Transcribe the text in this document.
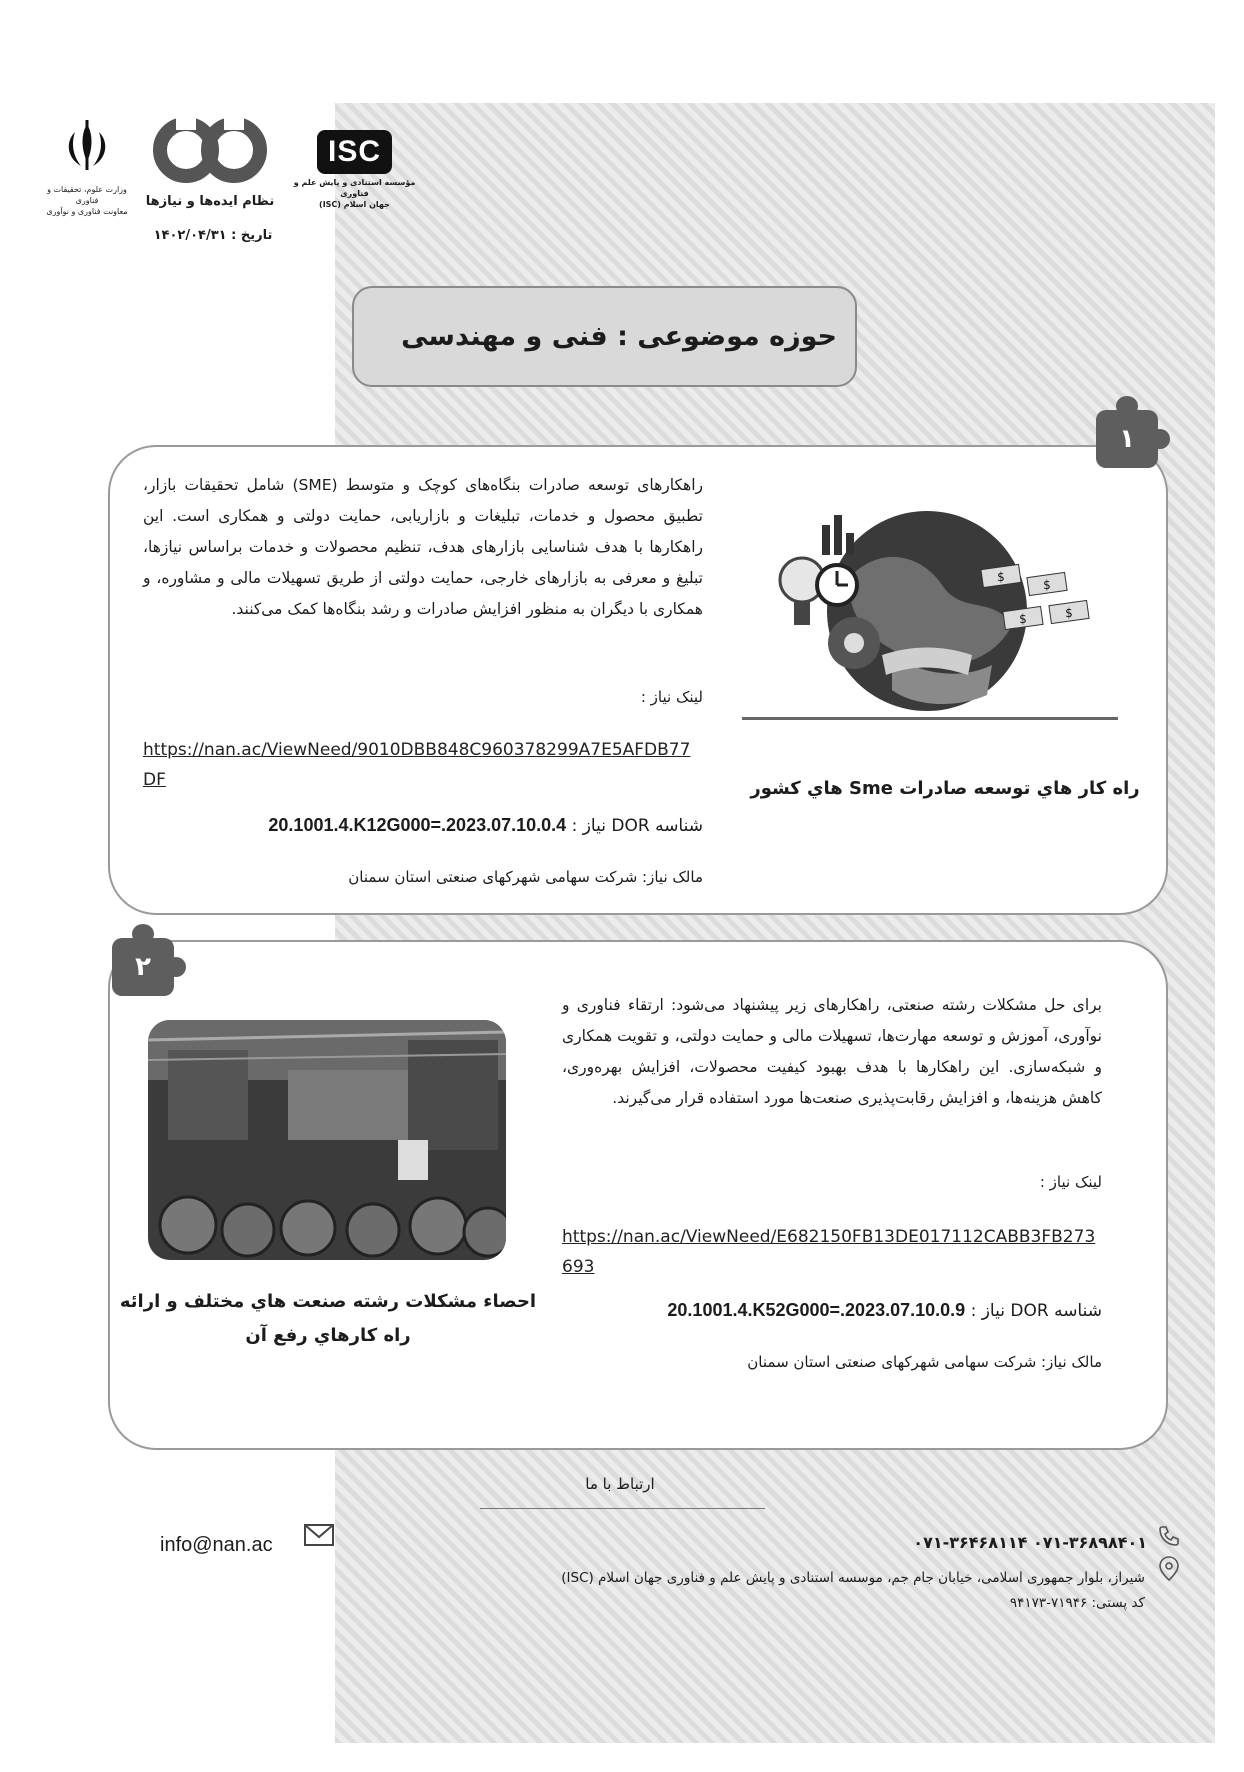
وزارت علوم، تحقیقات و فناوری
معاونت فناوری و نوآوری
نظام ایده‌ها و نیازها
ISC
مؤسسه استنادی و پایش علم و فناوری
جهان اسلام (ISC)
تاریخ : ۱۴۰۲/۰۴/۳۱
حوزه موضوعی : فنی و مهندسی
۱
$
$
$	$
راه کار هاي توسعه صادرات Sme هاي کشور
راهکارهای توسعه صادرات بنگاه‌های کوچک و متوسط (SME) شامل تحقیقات بازار، تطبیق محصول و خدمات، تبلیغات و بازاریابی، حمایت دولتی و همکاری است. این راهکارها با هدف شناسایی بازارهای هدف، تنظیم محصولات و خدمات براساس نیازها، تبلیغ و معرفی به بازارهای خارجی، حمایت دولتی از طریق تسهیلات مالی و مشاوره، و همکاری با دیگران به منظور افزایش صادرات و رشد بنگاه‌ها کمک می‌کنند.
لینک نیاز :
https://nan.ac/ViewNeed/9010DBB848C960378299A7E5AFDB77DF
شناسه DOR نیاز : 20.1001.4.K12G000=.2023.07.10.0.4
مالک نیاز: شرکت سهامی شهرکهای صنعتی استان سمنان
۲
احصاء مشکلات رشته صنعت هاي مختلف و ارائه راه کارهاي رفع آن
برای حل مشکلات رشته صنعتی، راهکارهای زیر پیشنهاد می‌شود: ارتقاء فناوری و نوآوری، آموزش و توسعه مهارت‌ها، تسهیلات مالی و حمایت دولتی، و تقویت همکاری و شبکه‌سازی. این راهکارها با هدف بهبود کیفیت محصولات، افزایش بهره‌وری، کاهش هزینه‌ها، و افزایش رقابت‌پذیری صنعت‌ها مورد استفاده قرار می‌گیرند.
لینک نیاز :
https://nan.ac/ViewNeed/E682150FB13DE017112CABB3FB273693
شناسه DOR نیاز : 20.1001.4.K52G000=.2023.07.10.0.9
مالک نیاز: شرکت سهامی شهرکهای صنعتی استان سمنان
ارتباط با ما
info@nan.ac	۰۷۱-۳۶۸۹۸۴۰۱ ۰۷۱-۳۶۴۶۸۱۱۴
شیراز، بلوار جمهوری اسلامی، خیابان جام جم، موسسه استنادی و پایش علم و فناوری جهان اسلام (ISC)
کد پستی: ۷۱۹۴۶-۹۴۱۷۳
